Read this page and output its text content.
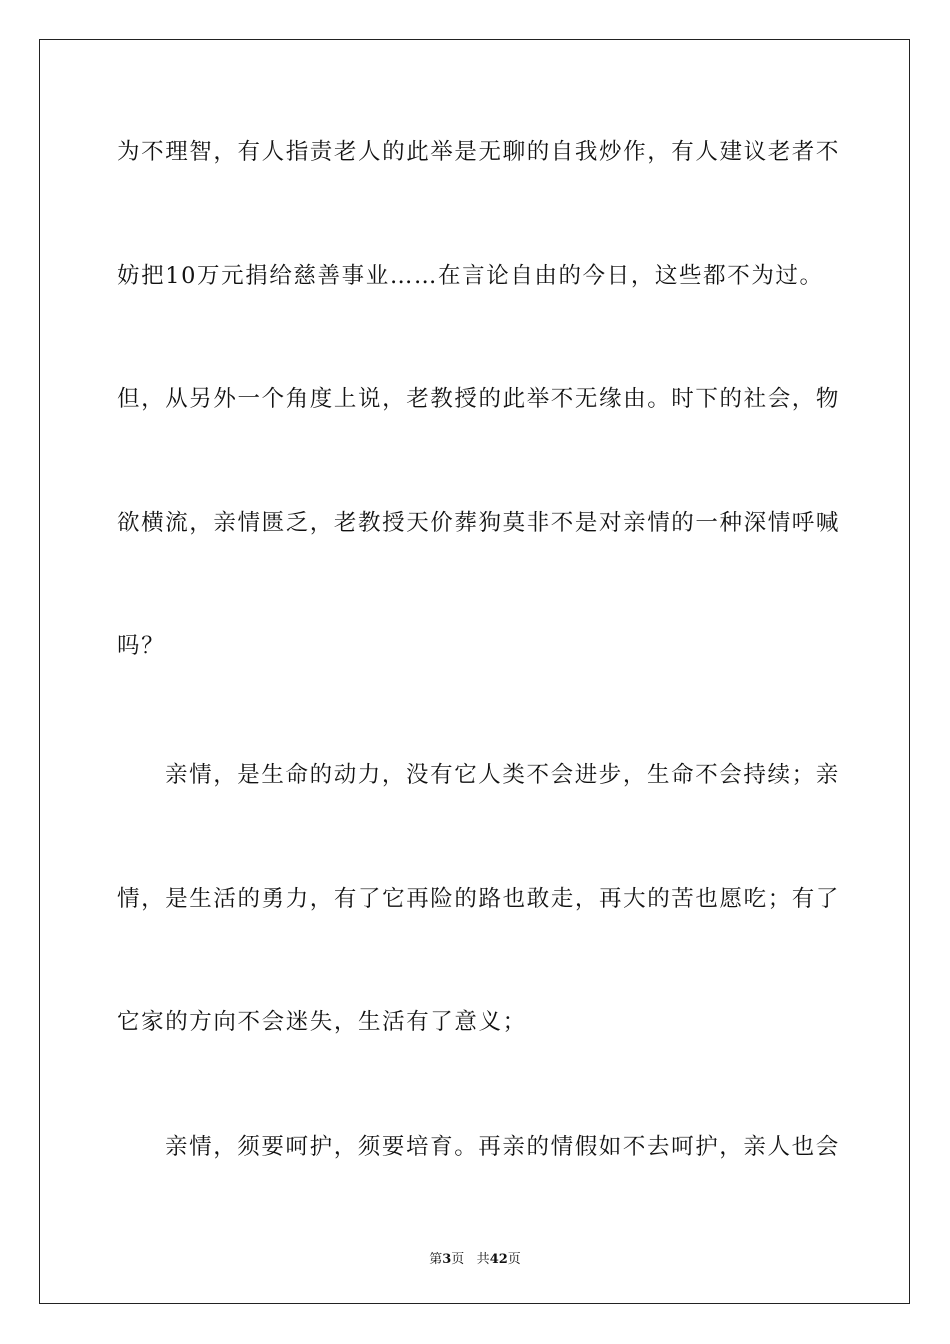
为不理智，有人指责老人的此举是无聊的自我炒作，有人建议老者不
妨把10万元捐给慈善事业……在言论自由的今日，这些都不为过。
但，从另外一个角度上说，老教授的此举不无缘由。时下的社会，物
欲横流，亲情匮乏，老教授天价葬狗莫非不是对亲情的一种深情呼喊
吗？
亲情，是生命的动力，没有它人类不会进步，生命不会持续；亲
情，是生活的勇力，有了它再险的路也敢走，再大的苦也愿吃；有了
它家的方向不会迷失，生活有了意义；
亲情，须要呵护，须要培育。再亲的情假如不去呵护，亲人也会
第3页 共42页
